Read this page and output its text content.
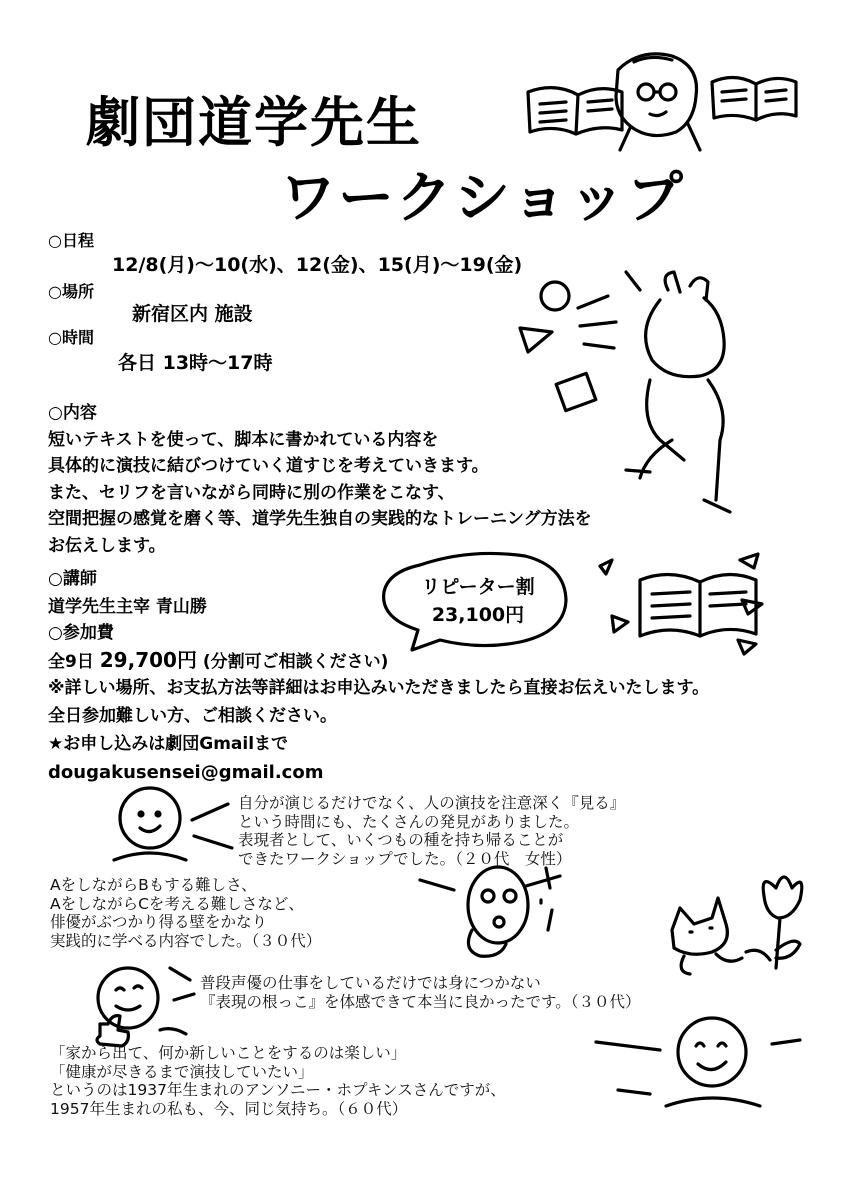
劇団道学先生
ワークショップ
○日程
12/8(月)～10(水)、12(金)、15(月)～19(金)
○場所
新宿区内 施設
○時間
各日 13時～17時
○内容
短いテキストを使って、脚本に書かれている内容を
具体的に演技に結びつけていく道すじを考えていきます。
また、セリフを言いながら同時に別の作業をこなす、
空間把握の感覚を磨く等、道学先生独自の実践的なトレーニング方法を
お伝えします。
○講師
道学先生主宰 青山勝
○参加費
全9日 29,700円 (分割可ご相談ください)
※詳しい場所、お支払方法等詳細はお申込みいただきましたら直接お伝えいたします。
全日参加難しい方、ご相談ください。
★お申し込みは劇団Gmailまで
dougakusensei@gmail.com
リピーター割
23,100円
自分が演じるだけでなく、人の演技を注意深く『見る』
という時間にも、たくさんの発見がありました。
表現者として、いくつもの種を持ち帰ることが
できたワークショップでした。（２０代　女性）
AをしながらBもする難しさ、
AをしながらCを考える難しさなど、
俳優がぶつかり得る壁をかなり
実践的に学べる内容でした。（３０代）
普段声優の仕事をしているだけでは身につかない
『表現の根っこ』を体感できて本当に良かったです。（３０代）
「家から出て、何か新しいことをするのは楽しい」
「健康が尽きるまで演技していたい」
というのは1937年生まれのアンソニー・ホプキンスさんですが、
1957年生まれの私も、今、同じ気持ち。（６０代）
